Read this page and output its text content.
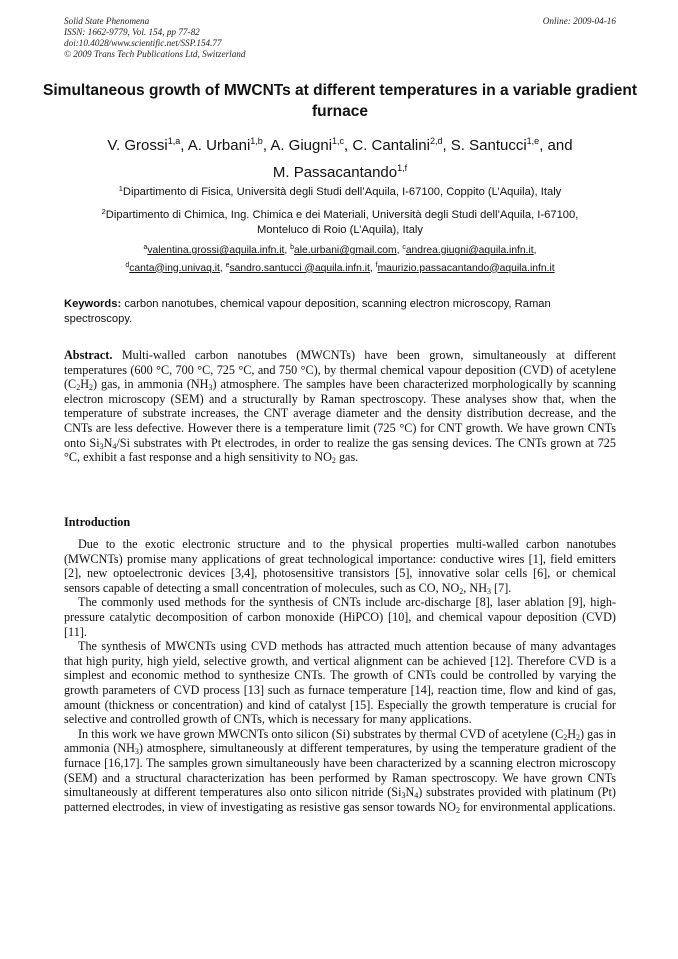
Solid State Phenomena
ISSN: 1662-9779, Vol. 154, pp 77-82
doi:10.4028/www.scientific.net/SSP.154.77
© 2009 Trans Tech Publications Ltd, Switzerland
Online: 2009-04-16
Simultaneous growth of MWCNTs at different temperatures in a variable gradient furnace
V. Grossi$^{1,a}$, A. Urbani$^{1,b}$, A. Giugni$^{1,c}$, C. Cantalini$^{2,d}$, S. Santucci$^{1,e}$, and
M. Passacantando$^{1,f}$
$^1$Dipartimento di Fisica, Università degli Studi dell’Aquila, I-67100, Coppito (L’Aquila), Italy
$^2$Dipartimento di Chimica, Ing. Chimica e dei Materiali, Università degli Studi dell’Aquila, I-67100,
Monteluco di Roio (L’Aquila), Italy
$^a$valentina.grossi@aquila.infn.it, $^b$ale.urbani@gmail.com, $^c$andrea.giugni@aquila.infn.it,
$^d$canta@ing.univaq.it, $^e$sandro.santucci @aquila.infn.it, $^f$maurizio.passacantando@aquila.infn.it
Keywords: carbon nanotubes, chemical vapour deposition, scanning electron microscopy, Raman spectroscopy.
Abstract. Multi-walled carbon nanotubes (MWCNTs) have been grown, simultaneously at different temperatures (600 °C, 700 °C, 725 °C, and 750 °C), by thermal chemical vapour deposition (CVD) of acetylene $(C_2H_2)$ gas, in ammonia $(NH_3)$ atmosphere. The samples have been characterized morphologically by scanning electron microscopy (SEM) and a structurally by Raman spectroscopy. These analyses show that, when the temperature of substrate increases, the CNT average diameter and the density distribution decrease, and the CNTs are less defective. However there is a temperature limit (725 °C) for CNT growth. We have grown CNTs onto $Si_3N_4/Si$ substrates with Pt electrodes, in order to realize the gas sensing devices. The CNTs grown at 725 °C, exhibit a fast response and a high sensitivity to $NO_2$ gas.
Introduction

Due to the exotic electronic structure and to the physical properties multi-walled carbon nanotubes (MWCNTs) promise many applications of great technological importance: conductive wires [1], field emitters [2], new optoelectronic devices [3,4], photosensitive transistors [5], innovative solar cells [6], or chemical sensors capable of detecting a small concentration of molecules, such as CO, $NO_2$, $NH_3$ [7].

The commonly used methods for the synthesis of CNTs include arc-discharge [8], laser ablation [9], high-pressure catalytic decomposition of carbon monoxide (HiPCO) [10], and chemical vapour deposition (CVD) [11].

The synthesis of MWCNTs using CVD methods has attracted much attention because of many advantages that high purity, high yield, selective growth, and vertical alignment can be achieved [12]. Therefore CVD is a simplest and economic method to synthesize CNTs. The growth of CNTs could be controlled by varying the growth parameters of CVD process [13] such as furnace temperature [14], reaction time, flow and kind of gas, amount (thickness or concentration) and kind of catalyst [15]. Especially the growth temperature is crucial for selective and controlled growth of CNTs, which is necessary for many applications.

In this work we have grown MWCNTs onto silicon (Si) substrates by thermal CVD of acetylene $(C_2H_2)$ gas in ammonia $(NH_3)$ atmosphere, simultaneously at different temperatures, by using the temperature gradient of the furnace [16,17]. The samples grown simultaneously have been characterized by a scanning electron microscopy (SEM) and a structural characterization has been performed by Raman spectroscopy. We have grown CNTs simultaneously at different temperatures also onto silicon nitride $(Si_3N_4)$ substrates provided with platinum (Pt) patterned electrodes, in view of investigating as resistive gas sensor towards $NO_2$ for environmental applications.
